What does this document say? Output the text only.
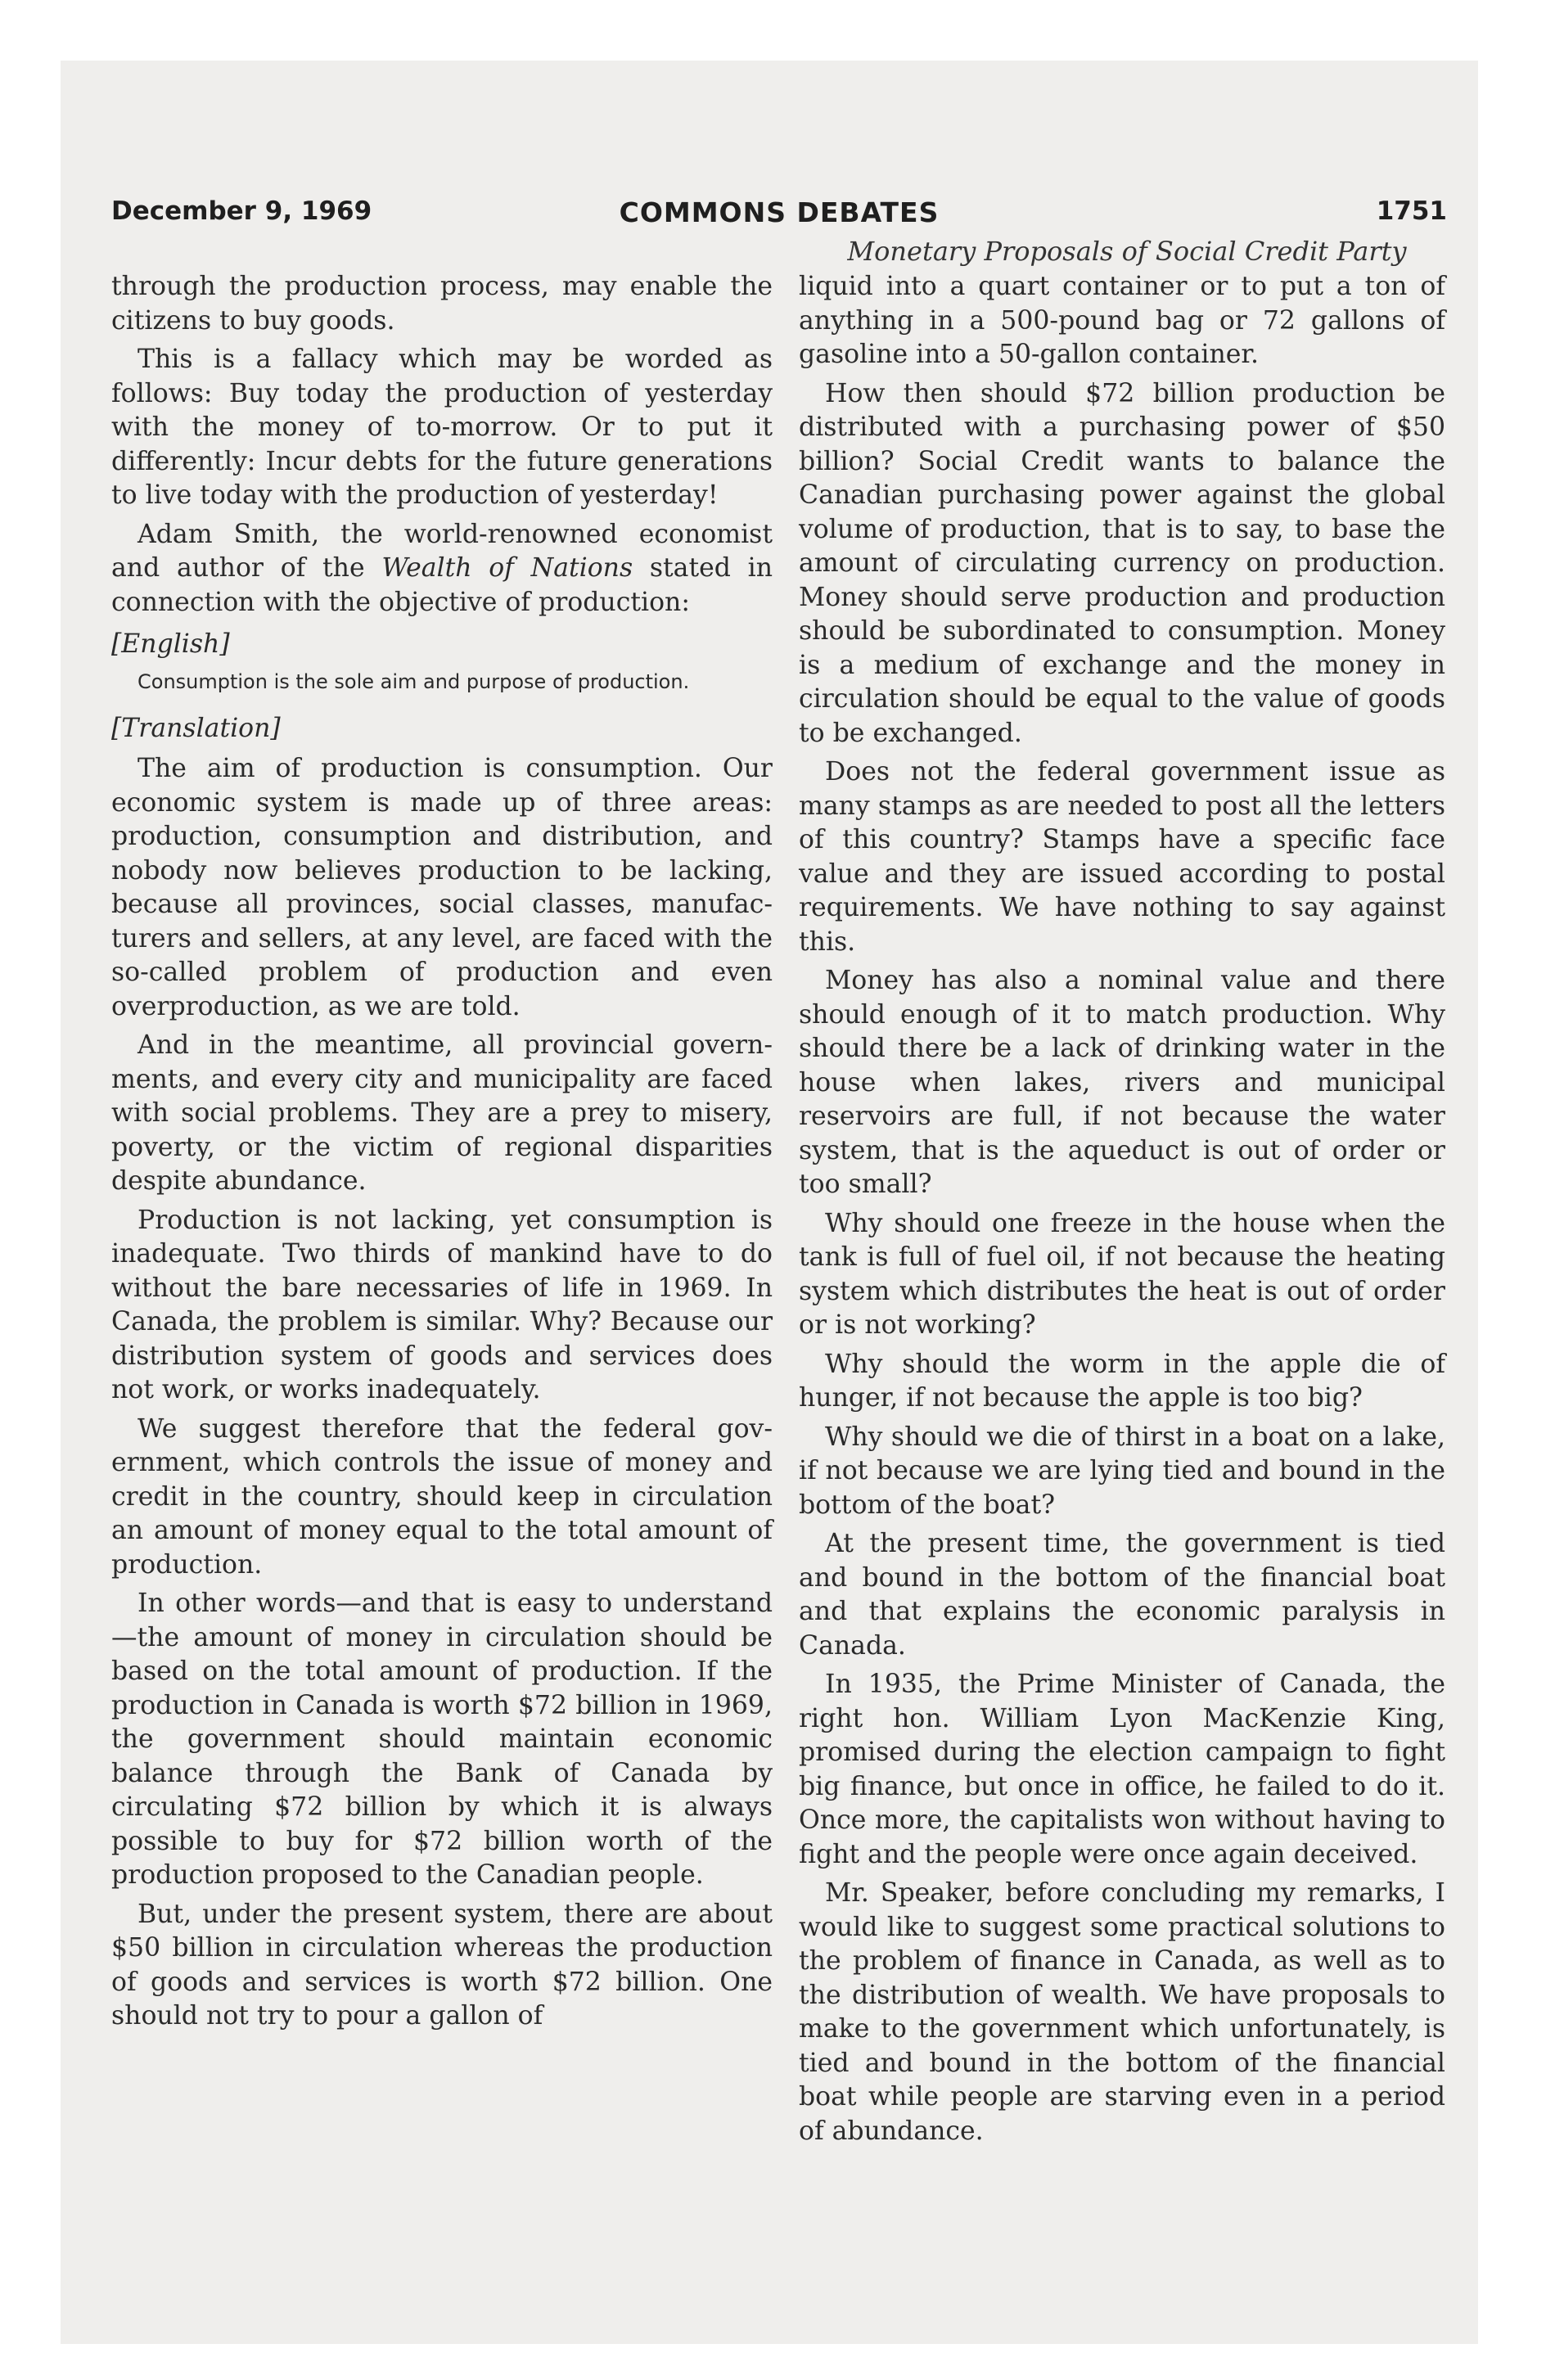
COMMONS DEBATES
December 9, 1969	1751
Monetary Proposals of Social Credit Party

through the production process, may enable the citizens to buy goods.

This is a fallacy which may be worded as follows: Buy today the production of yesterday with the money of to-morrow. Or to put it differently: Incur debts for the future generations to live today with the production of yesterday!

Adam Smith, the world-renowned economist and author of the Wealth of Nations stated in connection with the objective of production:

[English]

Consumption is the sole aim and purpose of production.

[Translation]

The aim of production is consumption. Our economic system is made up of three areas: production, consumption and distribution, and nobody now believes production to be lacking, because all provinces, social classes, manufacturers and sellers, at any level, are faced with the so-called problem of production and even overproduction, as we are told.

And in the meantime, all provincial governments, and every city and municipality are faced with social problems. They are a prey to misery, poverty, or the victim of regional disparities despite abundance.

Production is not lacking, yet consumption is inadequate. Two thirds of mankind have to do without the bare necessaries of life in 1969. In Canada, the problem is similar. Why? Because our distribution system of goods and services does not work, or works inadequately.

We suggest therefore that the federal government, which controls the issue of money and credit in the country, should keep in circulation an amount of money equal to the total amount of production.

In other words—and that is easy to understand—the amount of money in circulation should be based on the total amount of production. If the production in Canada is worth $72 billion in 1969, the government should maintain economic balance through the Bank of Canada by circulating $72 billion by which it is always possible to buy for $72 billion worth of the production proposed to the Canadian people.

But, under the present system, there are about $50 billion in circulation whereas the production of goods and services is worth $72 billion. One should not try to pour a gallon of

liquid into a quart container or to put a ton of anything in a 500-pound bag or 72 gallons of gasoline into a 50-gallon container.

How then should $72 billion production be distributed with a purchasing power of $50 billion? Social Credit wants to balance the Canadian purchasing power against the global volume of production, that is to say, to base the amount of circulating currency on production. Money should serve production and production should be subordinated to consumption. Money is a medium of exchange and the money in circulation should be equal to the value of goods to be exchanged.

Does not the federal government issue as many stamps as are needed to post all the letters of this country? Stamps have a specific face value and they are issued according to postal requirements. We have nothing to say against this.

Money has also a nominal value and there should enough of it to match production. Why should there be a lack of drinking water in the house when lakes, rivers and municipal reservoirs are full, if not because the water system, that is the aqueduct is out of order or too small?

Why should one freeze in the house when the tank is full of fuel oil, if not because the heating system which distributes the heat is out of order or is not working?

Why should the worm in the apple die of hunger, if not because the apple is too big?

Why should we die of thirst in a boat on a lake, if not because we are lying tied and bound in the bottom of the boat?

At the present time, the government is tied and bound in the bottom of the financial boat and that explains the economic paralysis in Canada.

In 1935, the Prime Minister of Canada, the right hon. William Lyon MacKenzie King, promised during the election campaign to fight big finance, but once in office, he failed to do it. Once more, the capitalists won without having to fight and the people were once again deceived.

Mr. Speaker, before concluding my remarks, I would like to suggest some practical solutions to the problem of finance in Canada, as well as to the distribution of wealth. We have proposals to make to the government which unfortunately, is tied and bound in the bottom of the financial boat while people are starving even in a period of abundance.
